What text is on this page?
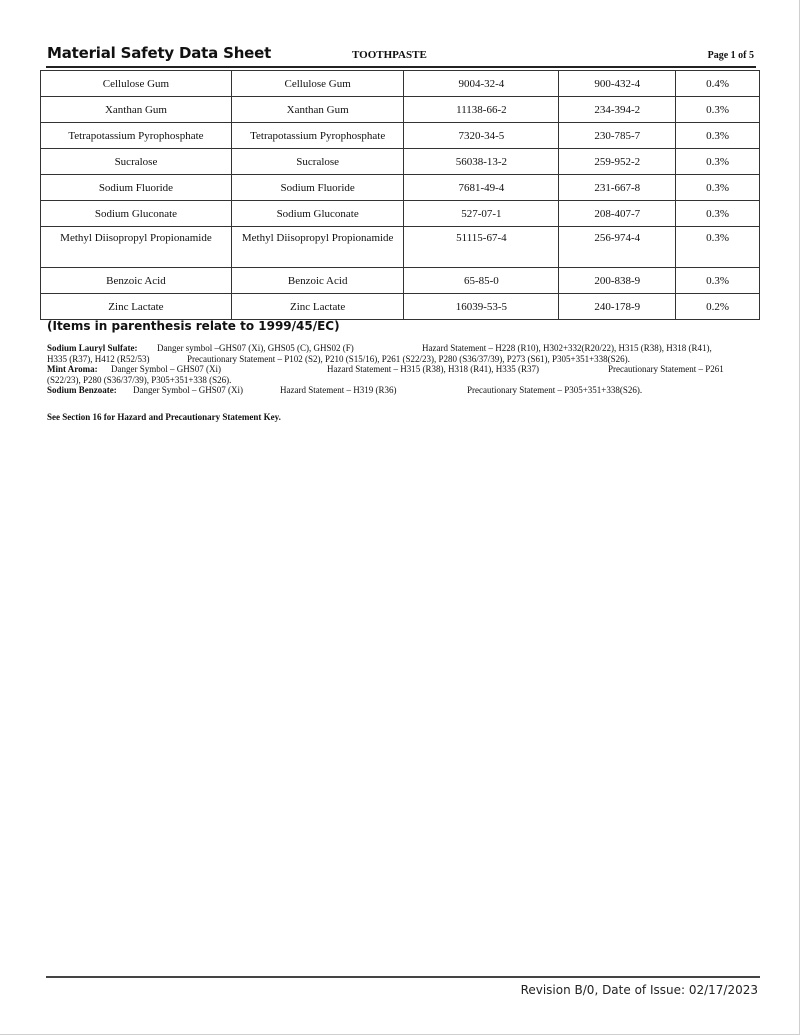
Material Safety Data Sheet	TOOTHPASTE	Page 1 of 5
Cellulose Gum	Cellulose Gum	9004-32-4	900-432-4	0.4%
Xanthan Gum	Xanthan Gum	11138-66-2	234-394-2	0.3%
Tetrapotassium Pyrophosphate	Tetrapotassium Pyrophosphate	7320-34-5	230-785-7	0.3%
Sucralose	Sucralose	56038-13-2	259-952-2	0.3%
Sodium Fluoride	Sodium Fluoride	7681-49-4	231-667-8	0.3%
Sodium Gluconate	Sodium Gluconate	527-07-1	208-407-7	0.3%
Methyl Diisopropyl Propionamide	Methyl Diisopropyl Propionamide	51115-67-4	256-974-4	0.3%
Benzoic Acid	Benzoic Acid	65-85-0	200-838-9	0.3%
Zinc Lactate	Zinc Lactate	16039-53-5	240-178-9	0.2%
(Items in parenthesis relate to 1999/45/EC)
Sodium Lauryl Sulfate: Danger symbol –GHS07 (Xi), GHS05 (C), GHS02 (F)	Hazard Statement – H228 (R10), H302+332(R20/22), H315 (R38), H318 (R41),
H335 (R37), H412 (R52/53)	Precautionary Statement – P102 (S2), P210 (S15/16), P261 (S22/23), P280 (S36/37/39), P273 (S61), P305+351+338(S26).
Mint Aroma: Danger Symbol – GHS07 (Xi)	Hazard Statement – H315 (R38), H318 (R41), H335 (R37)	Precautionary Statement – P261
(S22/23), P280 (S36/37/39), P305+351+338 (S26).
Sodium Benzoate: Danger Symbol – GHS07 (Xi)	Hazard Statement – H319 (R36)	Precautionary Statement – P305+351+338(S26).
See Section 16 for Hazard and Precautionary Statement Key.
Revision B/0, Date of Issue: 02/17/2023
